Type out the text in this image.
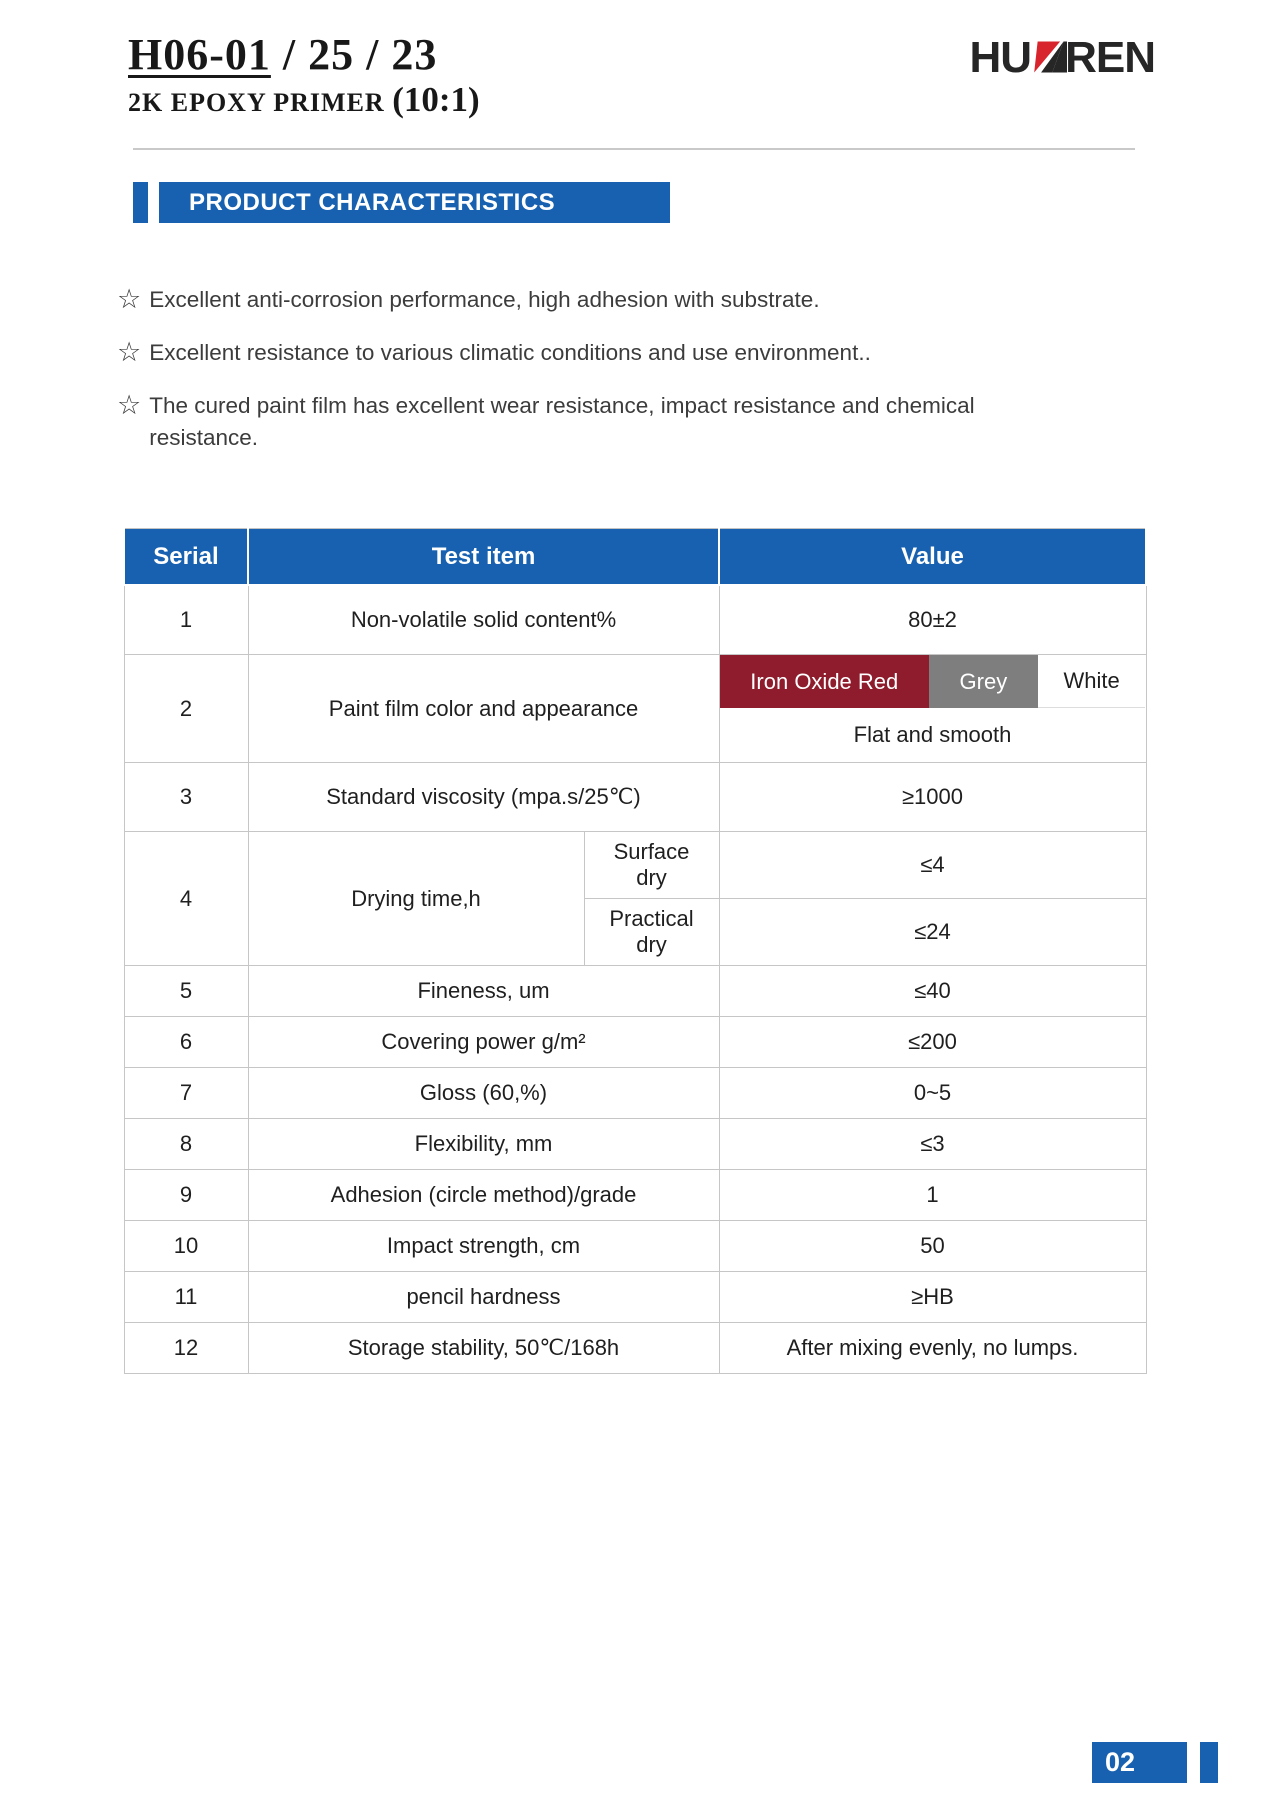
H06-01 / 25 / 23
2K EPOXY PRIMER (10:1)
HU REN
PRODUCT CHARACTERISTICS
☆ Excellent anti-corrosion performance, high adhesion with substrate.
☆ Excellent resistance to various climatic conditions and use environment..
☆ The cured paint film has excellent wear resistance, impact resistance and chemical resistance.
Serial	Test item		Value
1	Non-volatile solid content%		80±2
2	Paint film color and appearance		Iron Oxide Red Grey White
Flat and smooth

3	Standard viscosity (mpa.s/25℃)		≥1000
4	Drying time,h	Surface dry	≤4
		Practical dry	≤24
5	Fineness, um		≤40
6	Covering power g/m²		≤200
7	Gloss (60,%)		0~5
8	Flexibility, mm		≤3
9	Adhesion (circle method)/grade		1
10	Impact strength, cm		50
11	pencil hardness		≥HB
12	Storage stability, 50℃/168h		After mixing evenly, no lumps.
02
